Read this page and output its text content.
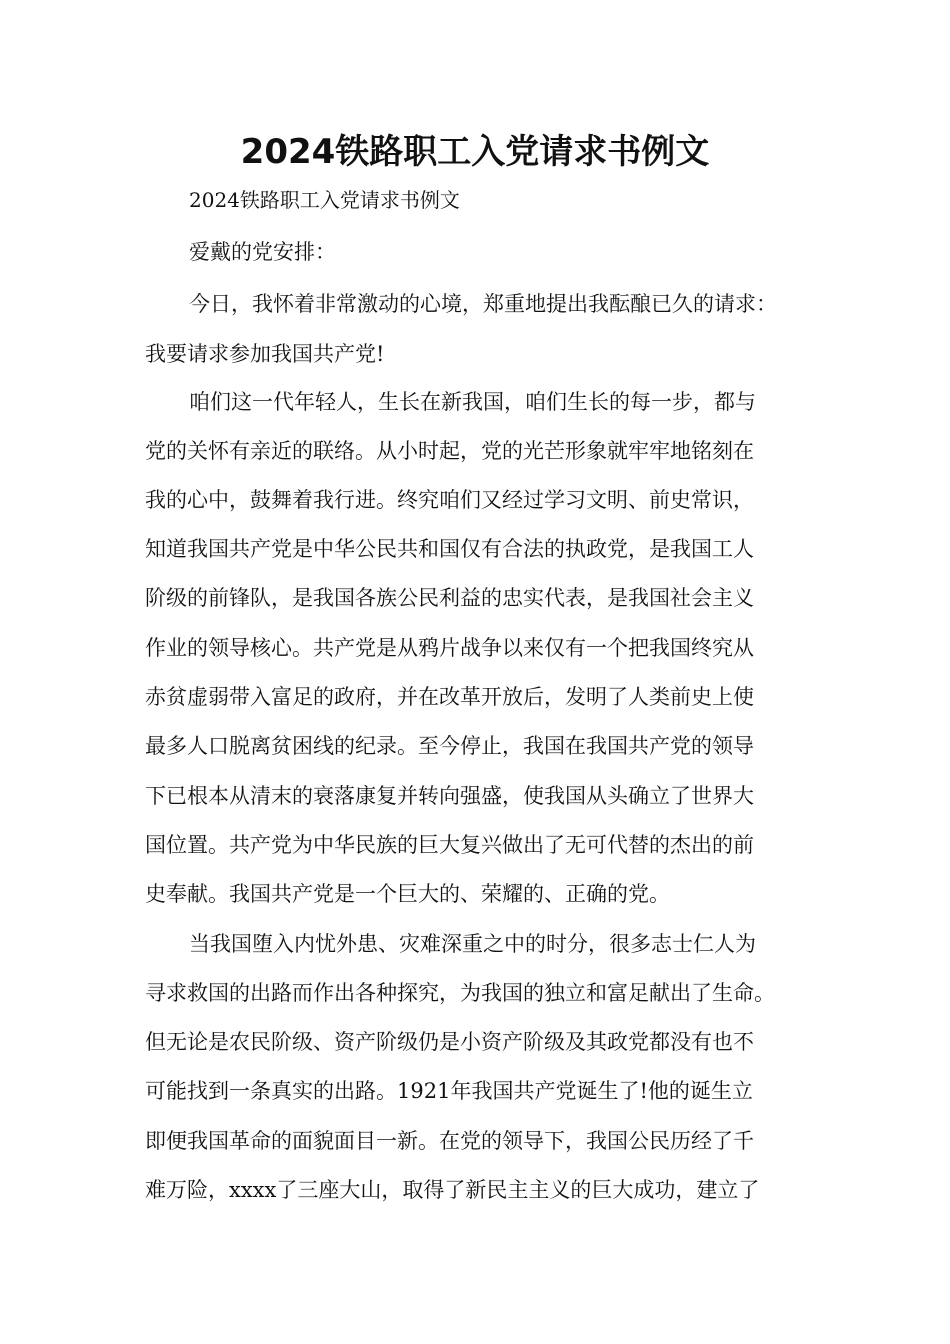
2024铁路职工入党请求书例文
2024铁路职工入党请求书例文
爱戴的党安排：
今日，我怀着非常激动的心境，郑重地提出我酝酿已久的请求：
我要请求参加我国共产党!
咱们这一代年轻人，生长在新我国，咱们生长的每一步，都与
党的关怀有亲近的联络。从小时起，党的光芒形象就牢牢地铭刻在
我的心中，鼓舞着我行进。终究咱们又经过学习文明、前史常识，
知道我国共产党是中华公民共和国仅有合法的执政党，是我国工人
阶级的前锋队，是我国各族公民利益的忠实代表，是我国社会主义
作业的领导核心。共产党是从鸦片战争以来仅有一个把我国终究从
赤贫虚弱带入富足的政府，并在改革开放后，发明了人类前史上使
最多人口脱离贫困线的纪录。至今停止，我国在我国共产党的领导
下已根本从清末的衰落康复并转向强盛，使我国从头确立了世界大
国位置。共产党为中华民族的巨大复兴做出了无可代替的杰出的前
史奉献。我国共产党是一个巨大的、荣耀的、正确的党。
当我国堕入内忧外患、灾难深重之中的时分，很多志士仁人为
寻求救国的出路而作出各种探究，为我国的独立和富足献出了生命。
但无论是农民阶级、资产阶级仍是小资产阶级及其政党都没有也不
可能找到一条真实的出路。1921年我国共产党诞生了!他的诞生立
即便我国革命的面貌面目一新。在党的领导下，我国公民历经了千
难万险，xxxx了三座大山，取得了新民主主义的巨大成功，建立了
